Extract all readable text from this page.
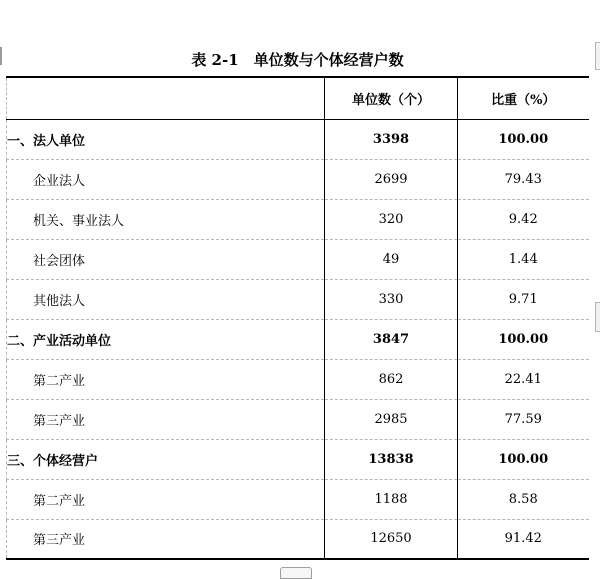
表 2-1　单位数与个体经营户数
	单位数（个）	比重（%）
一、法人单位	3398	100.00
企业法人	2699	79.43
机关、事业法人	320	9.42
社会团体	49	1.44
其他法人	330	9.71
二、产业活动单位	3847	100.00
第二产业	862	22.41
第三产业	2985	77.59
三、个体经营户	13838	100.00
第二产业	1188	8.58
第三产业	12650	91.42
